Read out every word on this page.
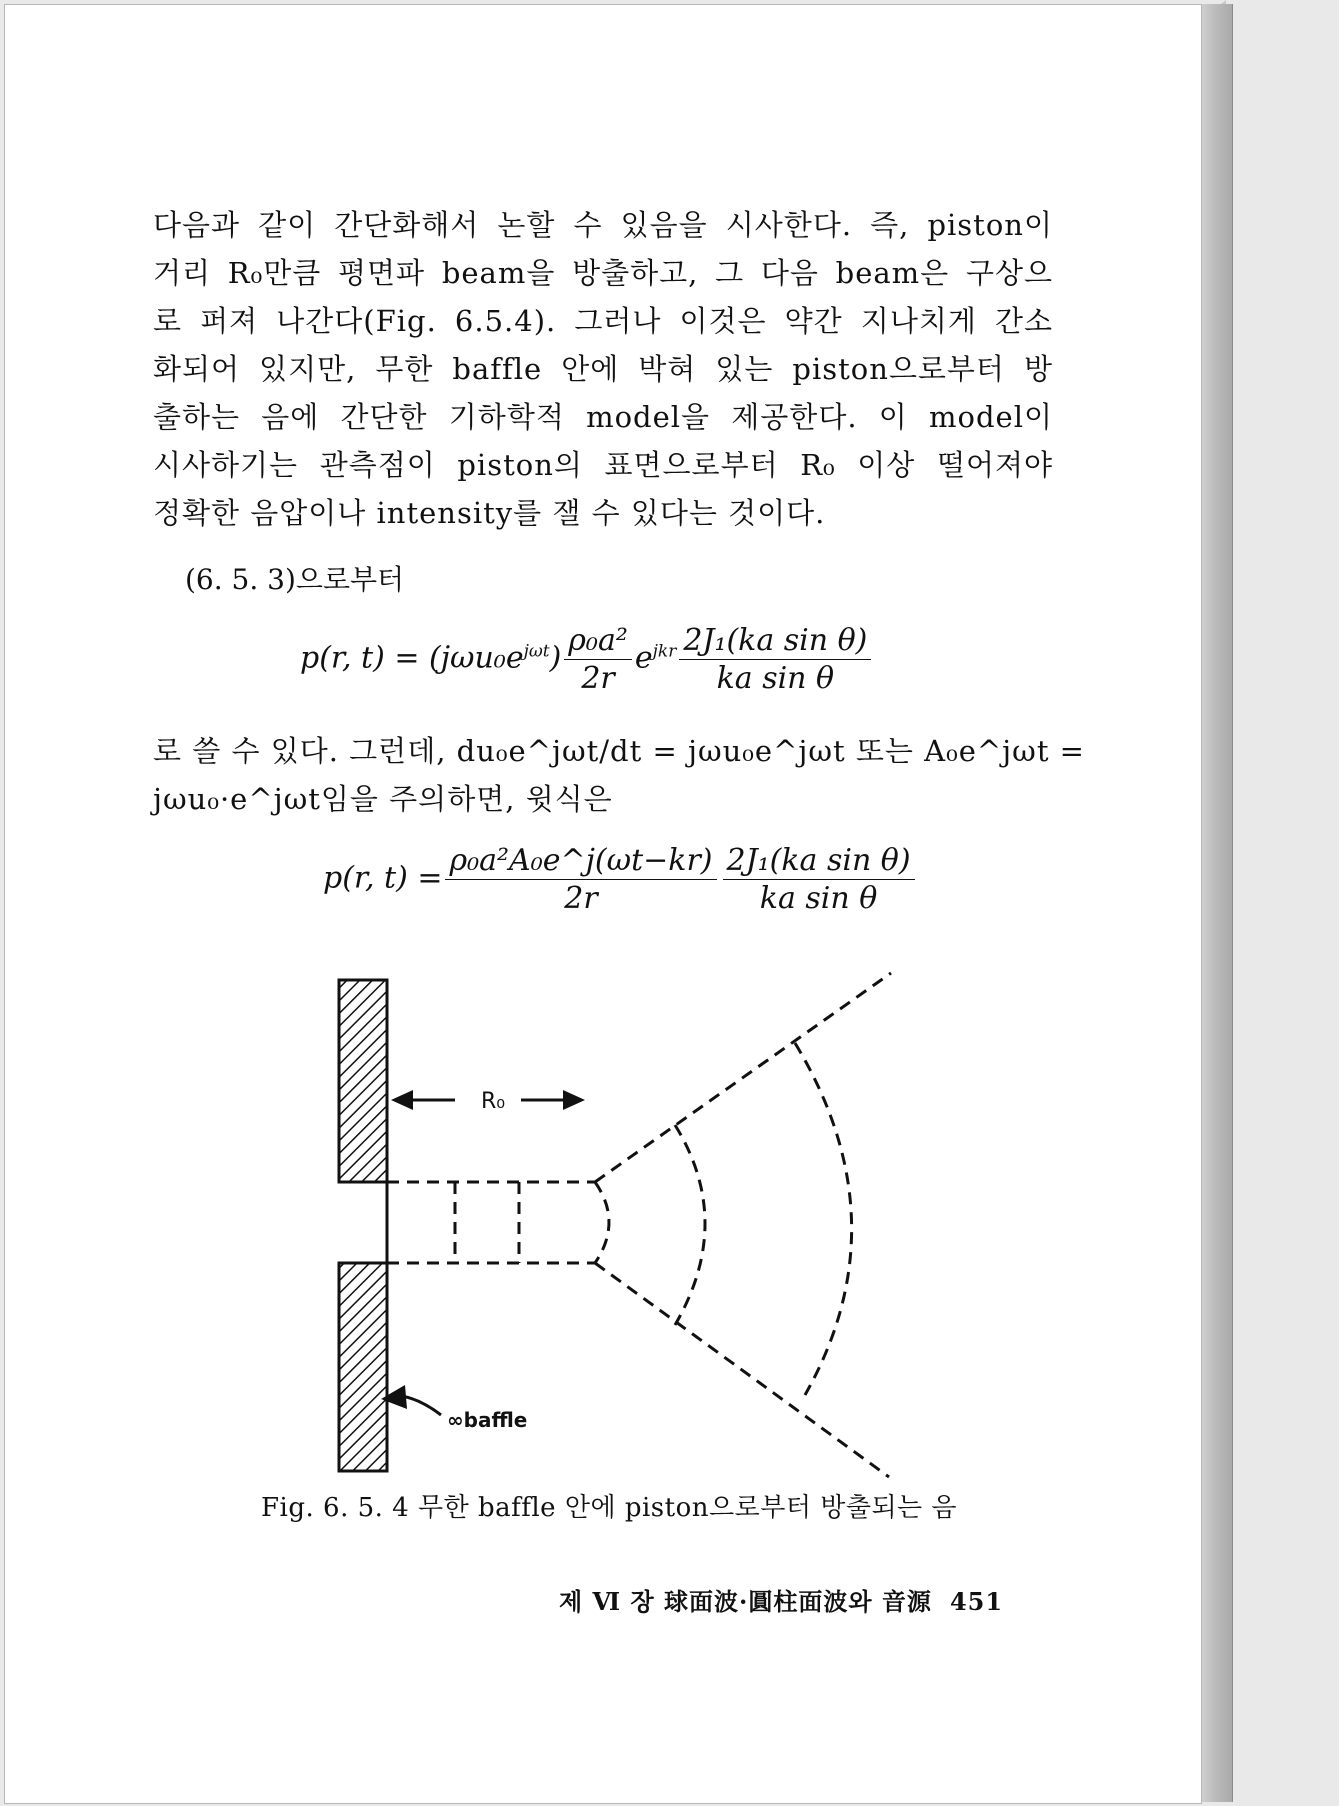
다음과 같이 간단화해서 논할 수 있음을 시사한다. 즉, piston이
거리 R₀만큼 평면파 beam을 방출하고, 그 다음 beam은 구상으
로 퍼져 나간다(Fig. 6.5.4). 그러나 이것은 약간 지나치게 간소
화되어 있지만, 무한 baffle 안에 박혀 있는 piston으로부터 방
출하는 음에 간단한 기하학적 model을 제공한다. 이 model이
시사하기는 관측점이 piston의 표면으로부터 R₀ 이상 떨어져야
정확한 음압이나 intensity를 잴 수 있다는 것이다.
(6. 5. 3)으로부터
p(r, $t) = (j\omega u_0e^{j\omega t}) \frac{\text{ρ₀a²}}{2r} e^{jkr} \frac{\text{2J₁(ka sin θ)}}{\text{ka sin θ}}$
로 쓸 수 있다. 그런데, du₀e^jωt/dt = jωu₀e^jωt 또는 A₀e^jωt =
jωu₀·e^jωt임을 주의하면, 윗식은
p(r, $t) = \frac{\text{ρ₀a²A₀e\textasciicircum{}j(ωt−kr)}}{2r} \frac{\text{2J₁(ka sin θ)}}{\text{ka sin θ}}$
R₀
∞baffle
Fig. 6. 5. 4 무한 baffle 안에 piston으로부터 방출되는 음
제 Ⅵ 장 球面波·圓柱面波와 音源 451
